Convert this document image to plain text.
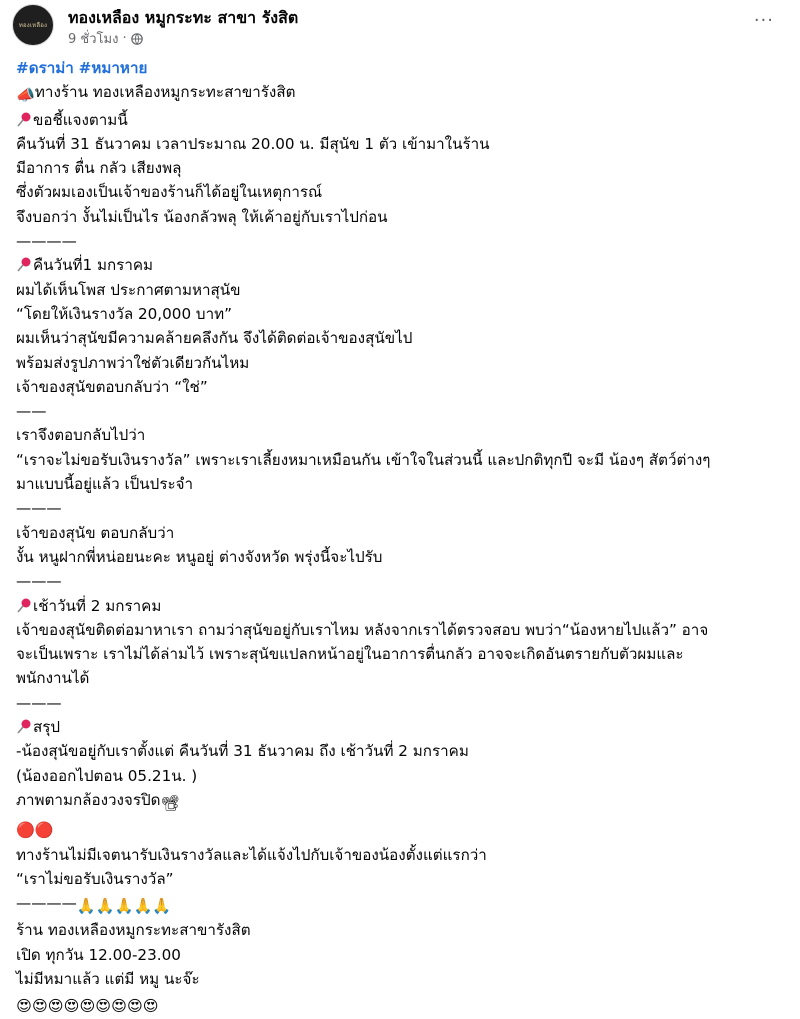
ทองเหลือง ทองเหลือง หมูกระทะ สาขา รังสิต
9 ชั่วโมง ·
···
#ดราม่า #หมาหาย
📣ทางร้าน ทองเหลืองหมูกระทะสาขารังสิต
ขอชี้แจงตามนี้
คืนวันที่ 31 ธันวาคม เวลาประมาณ 20.00 น. มีสุนัข 1 ตัว เข้ามาในร้าน
มีอาการ ตื่น กลัว เสียงพลุ
ซึ่งตัวผมเองเป็นเจ้าของร้านก็ได้อยู่ในเหตุการณ์
จึงบอกว่า งั้นไม่เป็นไร น้องกลัวพลุ ให้เค้าอยู่กับเราไปก่อน
————
คืนวันที่1 มกราคม
ผมได้เห็นโพส ประกาศตามหาสุนัข
“โดยให้เงินรางวัล 20,000 บาท”
ผมเห็นว่าสุนัขมีความคล้ายคลึงกัน จึงได้ติดต่อเจ้าของสุนัขไป
พร้อมส่งรูปภาพว่าใช่ตัวเดียวกันไหม
เจ้าของสุนัขตอบกลับว่า “ใช่”
——
เราจึงตอบกลับไปว่า
“เราจะไม่ขอรับเงินรางวัล” เพราะเราเลี้ยงหมาเหมือนกัน เข้าใจในส่วนนี้ และปกติทุกปี จะมี น้องๆ สัตว์ต่างๆ
มาแบบนี้อยู่แล้ว เป็นประจำ
———
เจ้าของสุนัข ตอบกลับว่า
งั้น หนูฝากพี่หน่อยนะคะ หนูอยู่ ต่างจังหวัด พรุ่งนี้จะไปรับ
———
เช้าวันที่ 2 มกราคม
เจ้าของสุนัขติดต่อมาหาเรา ถามว่าสุนัขอยู่กับเราไหม หลังจากเราได้ตรวจสอบ พบว่า“น้องหายไปแล้ว” อาจ
จะเป็นเพราะ เราไม่ได้ล่ามไว้ เพราะสุนัขแปลกหน้าอยู่ในอาการตื่นกลัว อาจจะเกิดอันตรายกับตัวผมและ
พนักงานได้
———
สรุป
-น้องสุนัขอยู่กับเราตั้งแต่ คืนวันที่ 31 ธันวาคม ถึง เช้าวันที่ 2 มกราคม
(น้องออกไปตอน 05.21น. )
ภาพตามกล้องวงจรปิด📽
🔴🔴
ทางร้านไม่มีเจตนารับเงินรางวัลและได้แจ้งไปกับเจ้าของน้องตั้งแต่แรกว่า
“เราไม่ขอรับเงินรางวัล”
————🙏🙏🙏🙏🙏
ร้าน ทองเหลืองหมูกระทะสาขารังสิต
เปิด ทุกวัน 12.00-23.00
ไม่มีหมาแล้ว แต่มี หมู นะจ๊ะ
😍😍😍😍😍😍😍😍😍
